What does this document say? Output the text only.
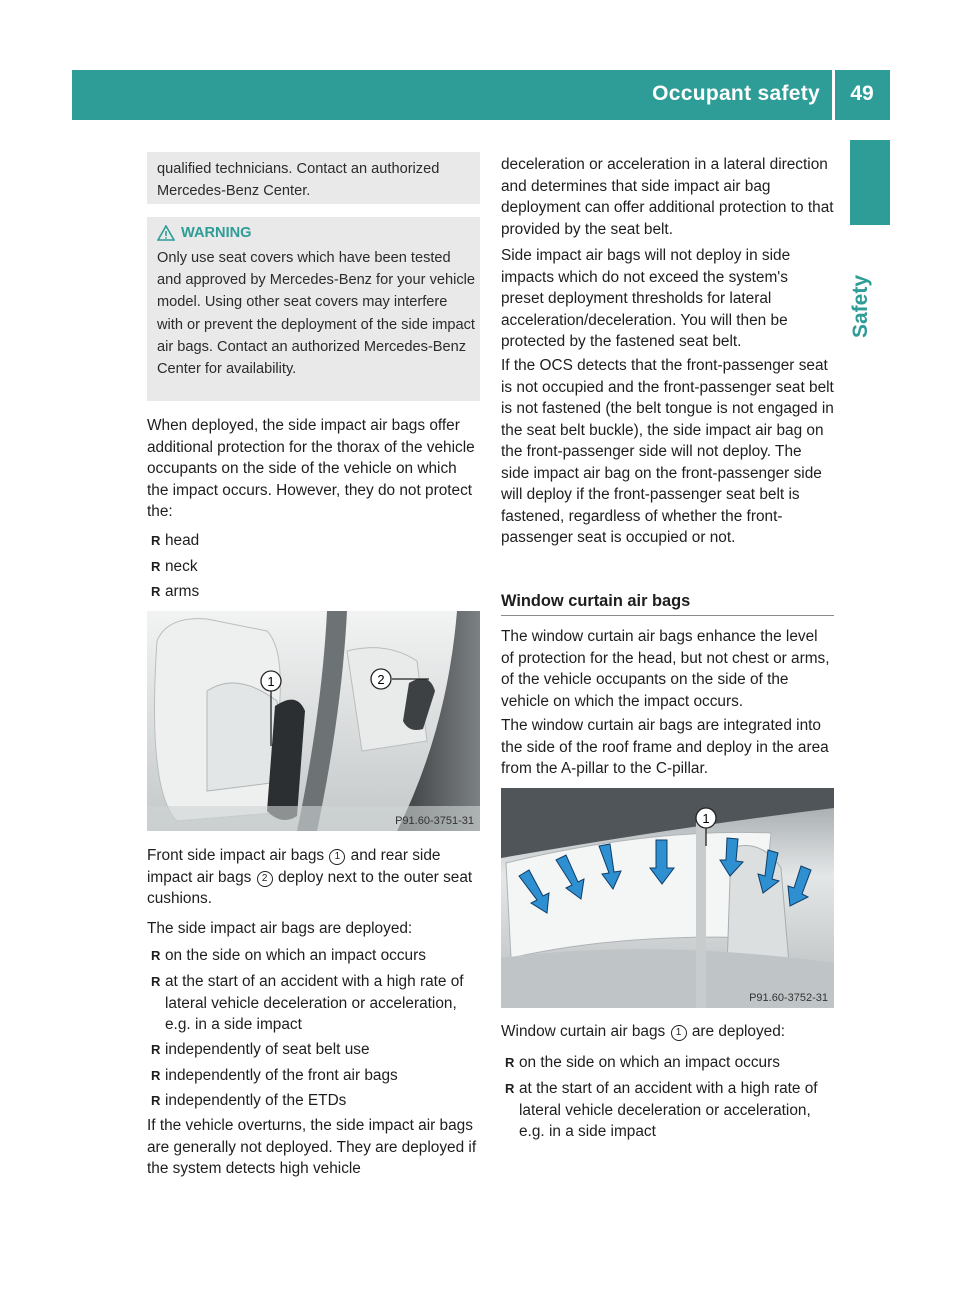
Occupant safety	49
Safety
qualified technicians. Contact an authorized Mercedes-Benz Center.
WARNING
Only use seat covers which have been tested and approved by Mercedes-Benz for your vehicle model. Using other seat covers may interfere with or prevent the deployment of the side impact air bags. Contact an authorized Mercedes-Benz Center for availability.
When deployed, the side impact air bags offer additional protection for the thorax of the vehicle occupants on the side of the vehicle on which the impact occurs. However, they do not protect the:
R head
R neck
R arms
1	2
P91.60-3751-31
Front side impact air bags 1 and rear side impact air bags 2 deploy next to the outer seat cushions.
The side impact air bags are deployed:
R on the side on which an impact occurs
R at the start of an accident with a high rate of lateral vehicle deceleration or acceleration, e.g. in a side impact
R independently of seat belt use
R independently of the front air bags
R independently of the ETDs
If the vehicle overturns, the side impact air bags are generally not deployed. They are deployed if the system detects high vehicle
deceleration or acceleration in a lateral direction and determines that side impact air bag deployment can offer additional protection to that provided by the seat belt.
Side impact air bags will not deploy in side impacts which do not exceed the system's preset deployment thresholds for lateral acceleration/deceleration. You will then be protected by the fastened seat belt.
If the OCS detects that the front-passenger seat is not occupied and the front-passenger seat belt is not fastened (the belt tongue is not engaged in the seat belt buckle), the side impact air bag on the front-passenger side will not deploy. The side impact air bag on the front-passenger side will deploy if the front-passenger seat belt is fastened, regardless of whether the front-passenger seat is occupied or not.
Window curtain air bags
The window curtain air bags enhance the level of protection for the head, but not chest or arms, of the vehicle occupants on the side of the vehicle on which the impact occurs.
The window curtain air bags are integrated into the side of the roof frame and deploy in the area from the A-pillar to the C-pillar.
1
P91.60-3752-31
Window curtain air bags 1 are deployed:
R on the side on which an impact occurs
R at the start of an accident with a high rate of lateral vehicle deceleration or acceleration, e.g. in a side impact
